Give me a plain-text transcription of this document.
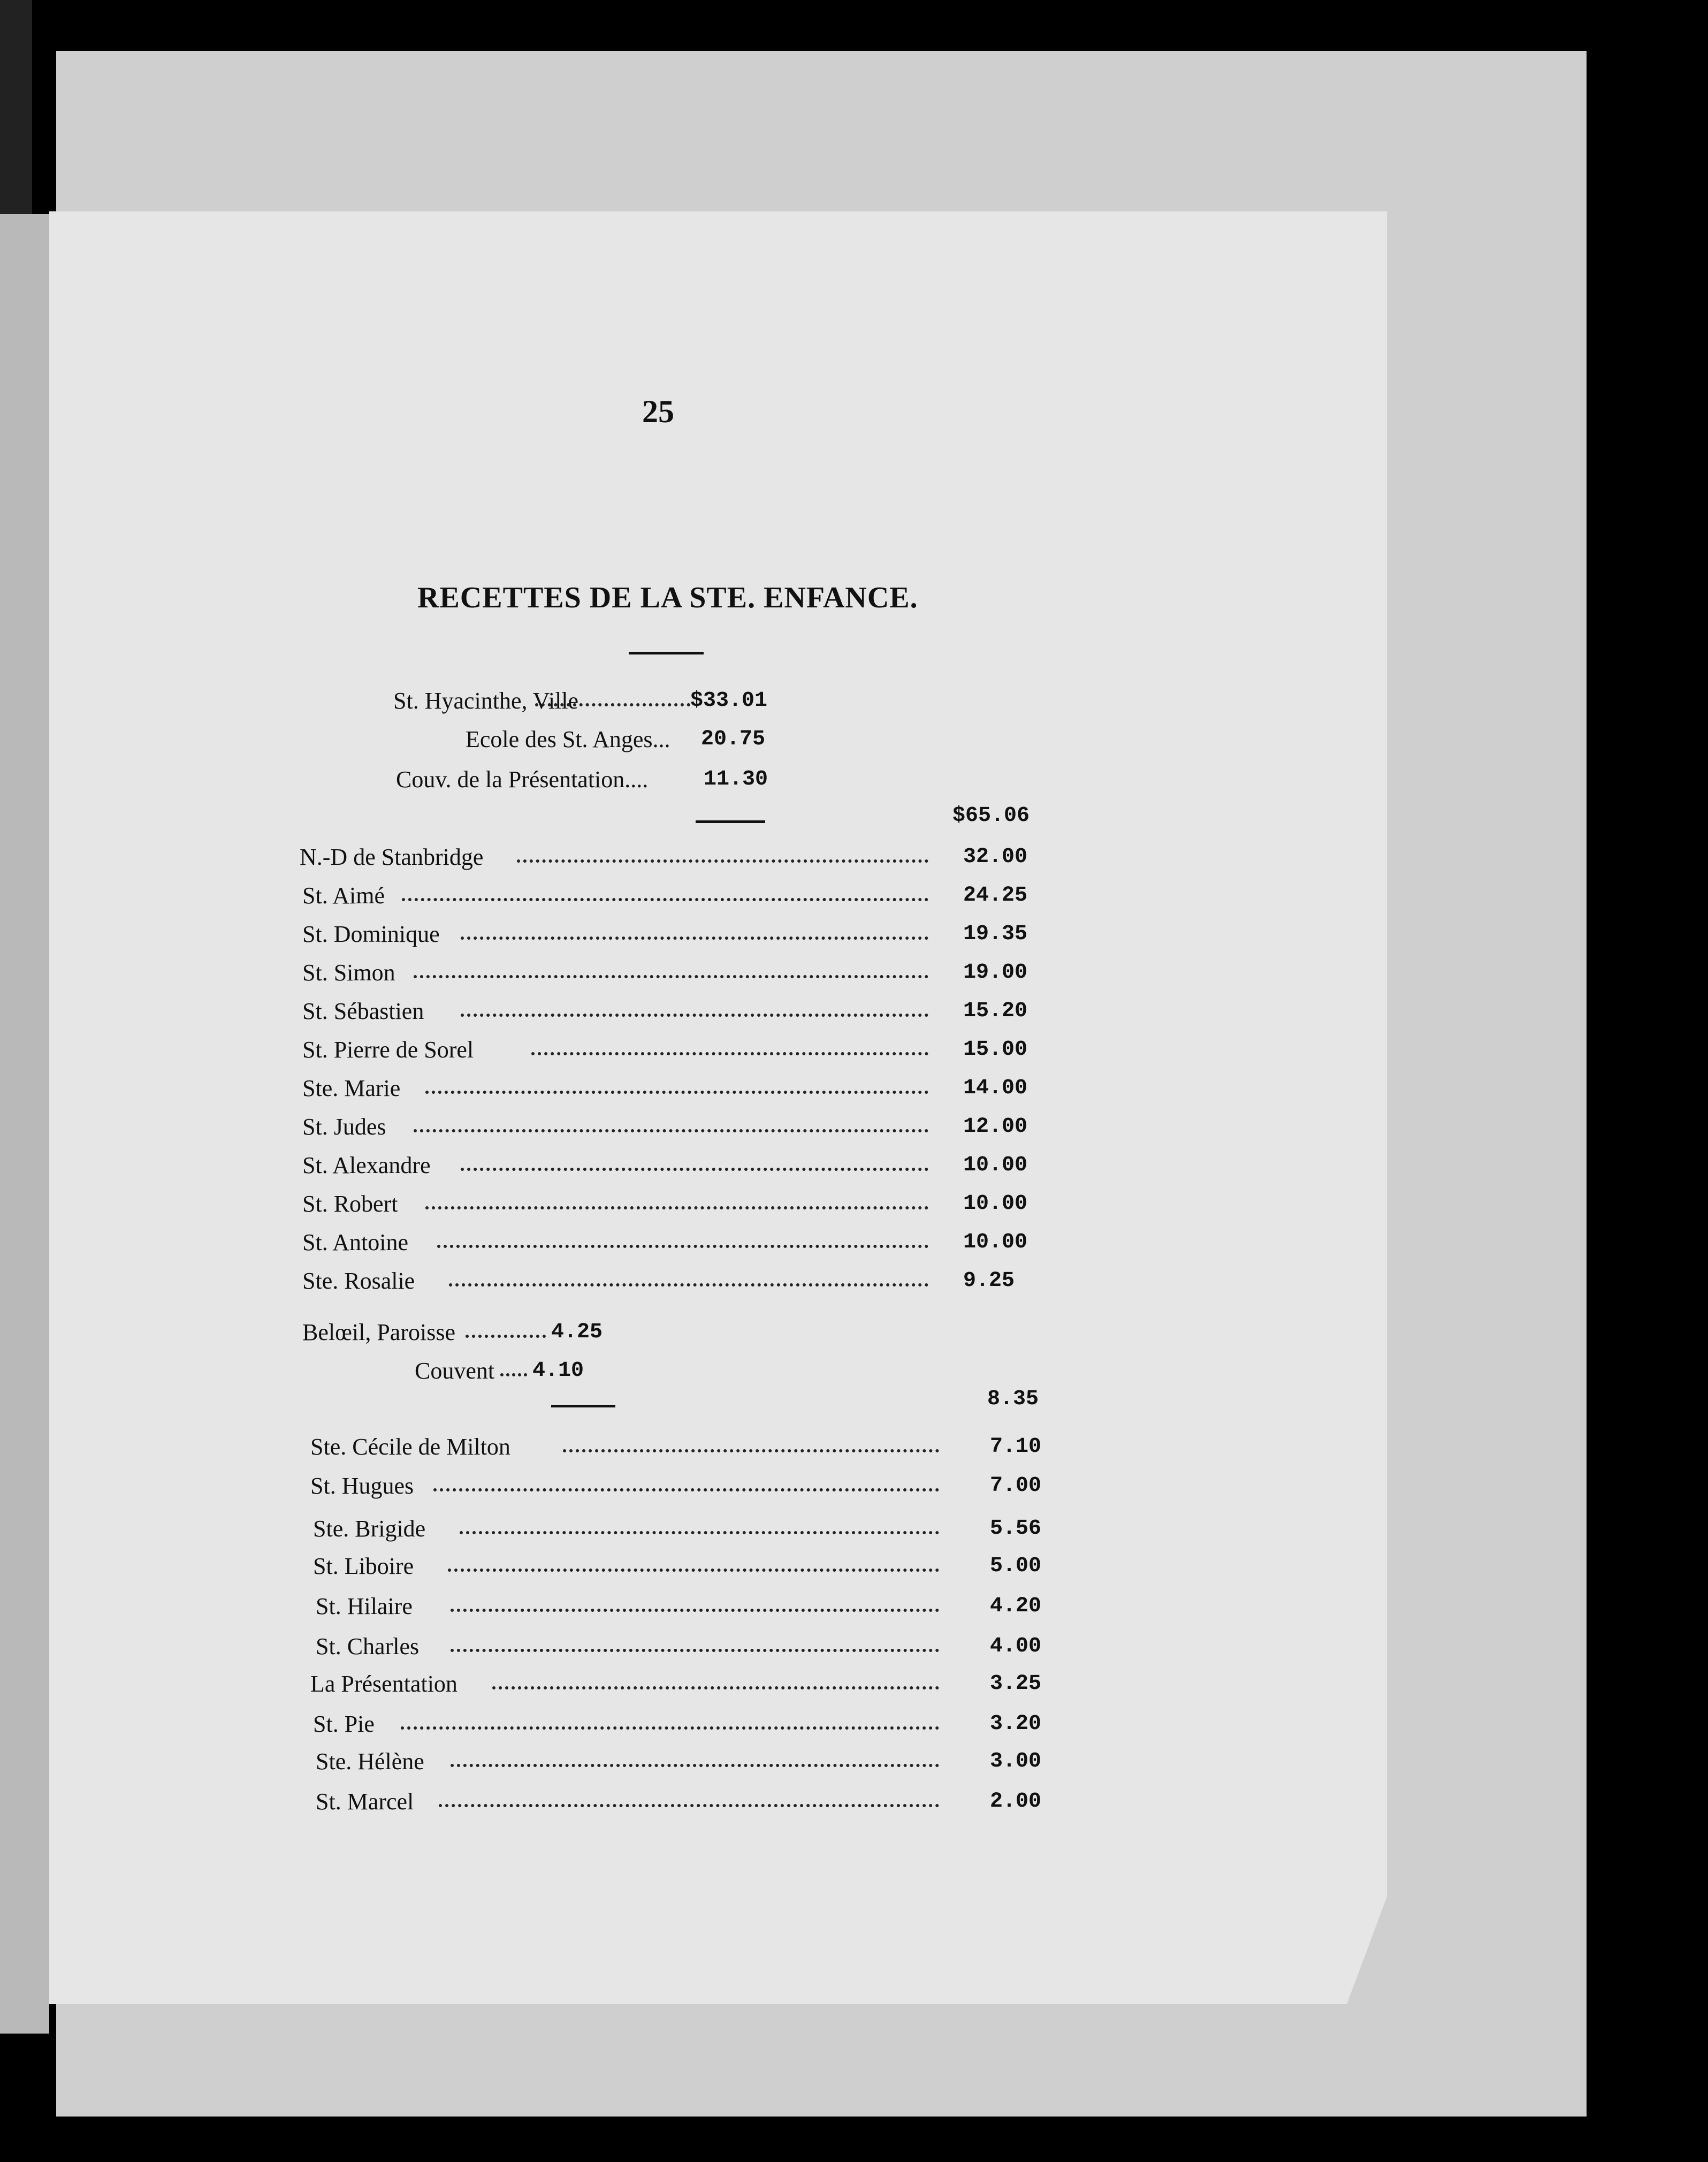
25
RECETTES DE LA STE. ENFANCE.
St. Hyacinthe, Ville	$33.01
Ecole des St. Anges... 20.75
Couv. de la Présentation....	11.30
$65.06
N.-D de Stanbridge	32.00
St. Aimé	24.25
St. Dominique	19.35
St. Simon	19.00
St. Sébastien	15.20
St. Pierre de Sorel	15.00
Ste. Marie	14.00
St. Judes	12.00
St. Alexandre	10.00
St. Robert	10.00
St. Antoine	10.00
Ste. Rosalie	9.25
Belœil, Paroisse	4.25
Couvent 4.10
8.35
Ste. Cécile de Milton	7.10
St. Hugues	7.00
Ste. Brigide	5.56
St. Liboire	5.00
St. Hilaire	4.20
St. Charles	4.00
La Présentation	3.25
St. Pie	3.20
Ste. Hélène	3.00
St. Marcel	2.00
